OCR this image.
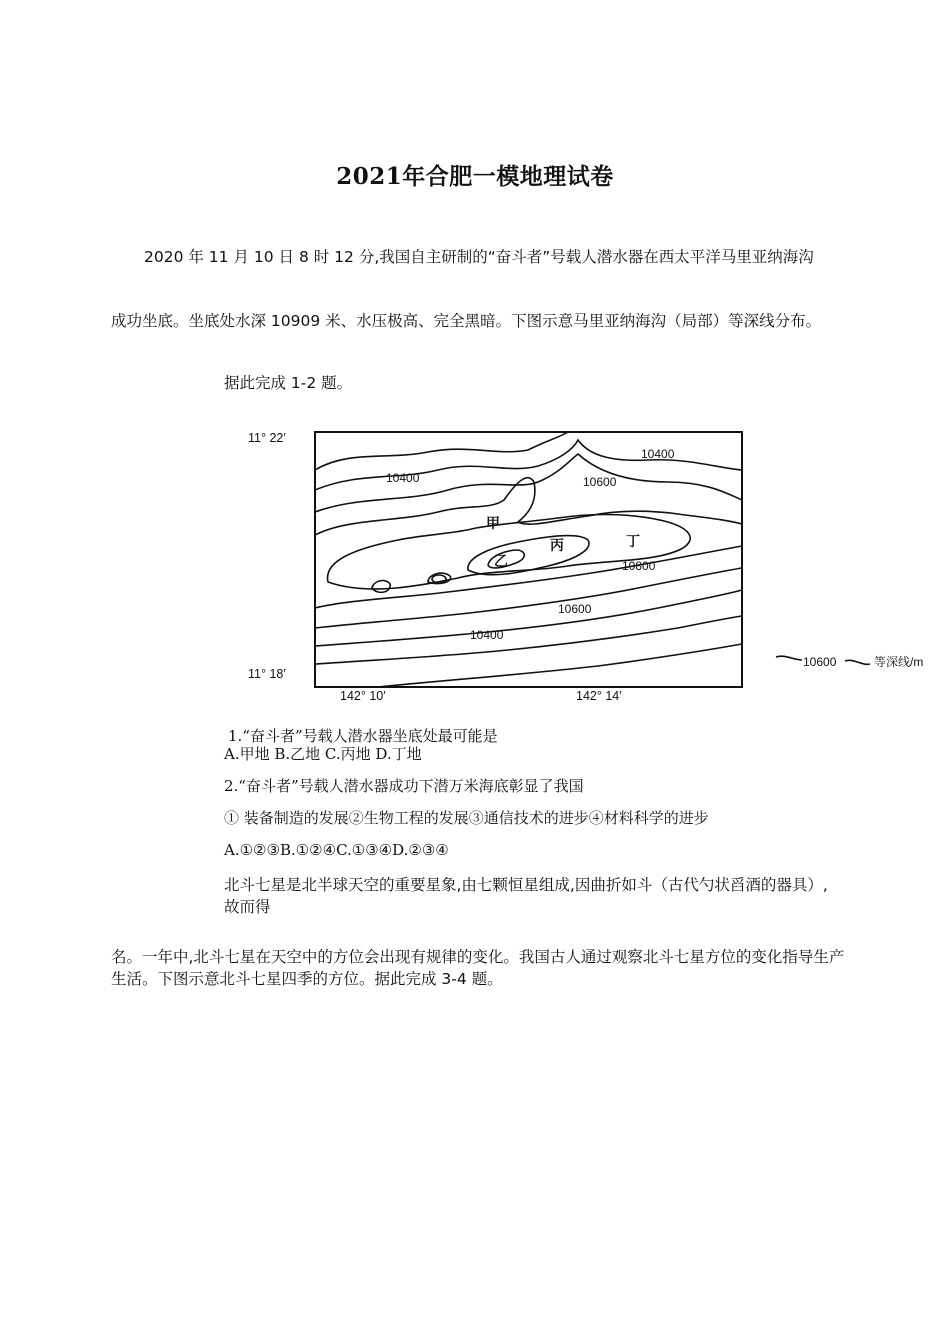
2021年合肥一模地理试卷
2020 年 11 月 10 日 8 时 12 分,我国自主研制的“奋斗者”号载人潜水器在西太平洋马里亚纳海沟
成功坐底。坐底处水深 10909 米、水压极高、完全黑暗。下图示意马里亚纳海沟（局部）等深线分布。
据此完成 1-2 题。
10400	10600
10400
10800
10600
10400
甲
乙
丙	丁
11° 22′
11° 18′
142° 10′	142° 14′
10600	等深线/m
1.“奋斗者”号载人潜水器坐底处最可能是
A.甲地 B.乙地 C.丙地 D.丁地
2.“奋斗者”号载人潜水器成功下潜万米海底彰显了我国
① 装备制造的发展②生物工程的发展③通信技术的进步④材料科学的进步
A.①②③B.①②④C.①③④D.②③④
北斗七星是北半球天空的重要星象,由七颗恒星组成,因曲折如斗（古代勺状舀酒的器具）,故而得
名。一年中,北斗七星在天空中的方位会出现有规律的变化。我国古人通过观察北斗七星方位的变化指导生产生活。下图示意北斗七星四季的方位。据此完成 3-4 题。
